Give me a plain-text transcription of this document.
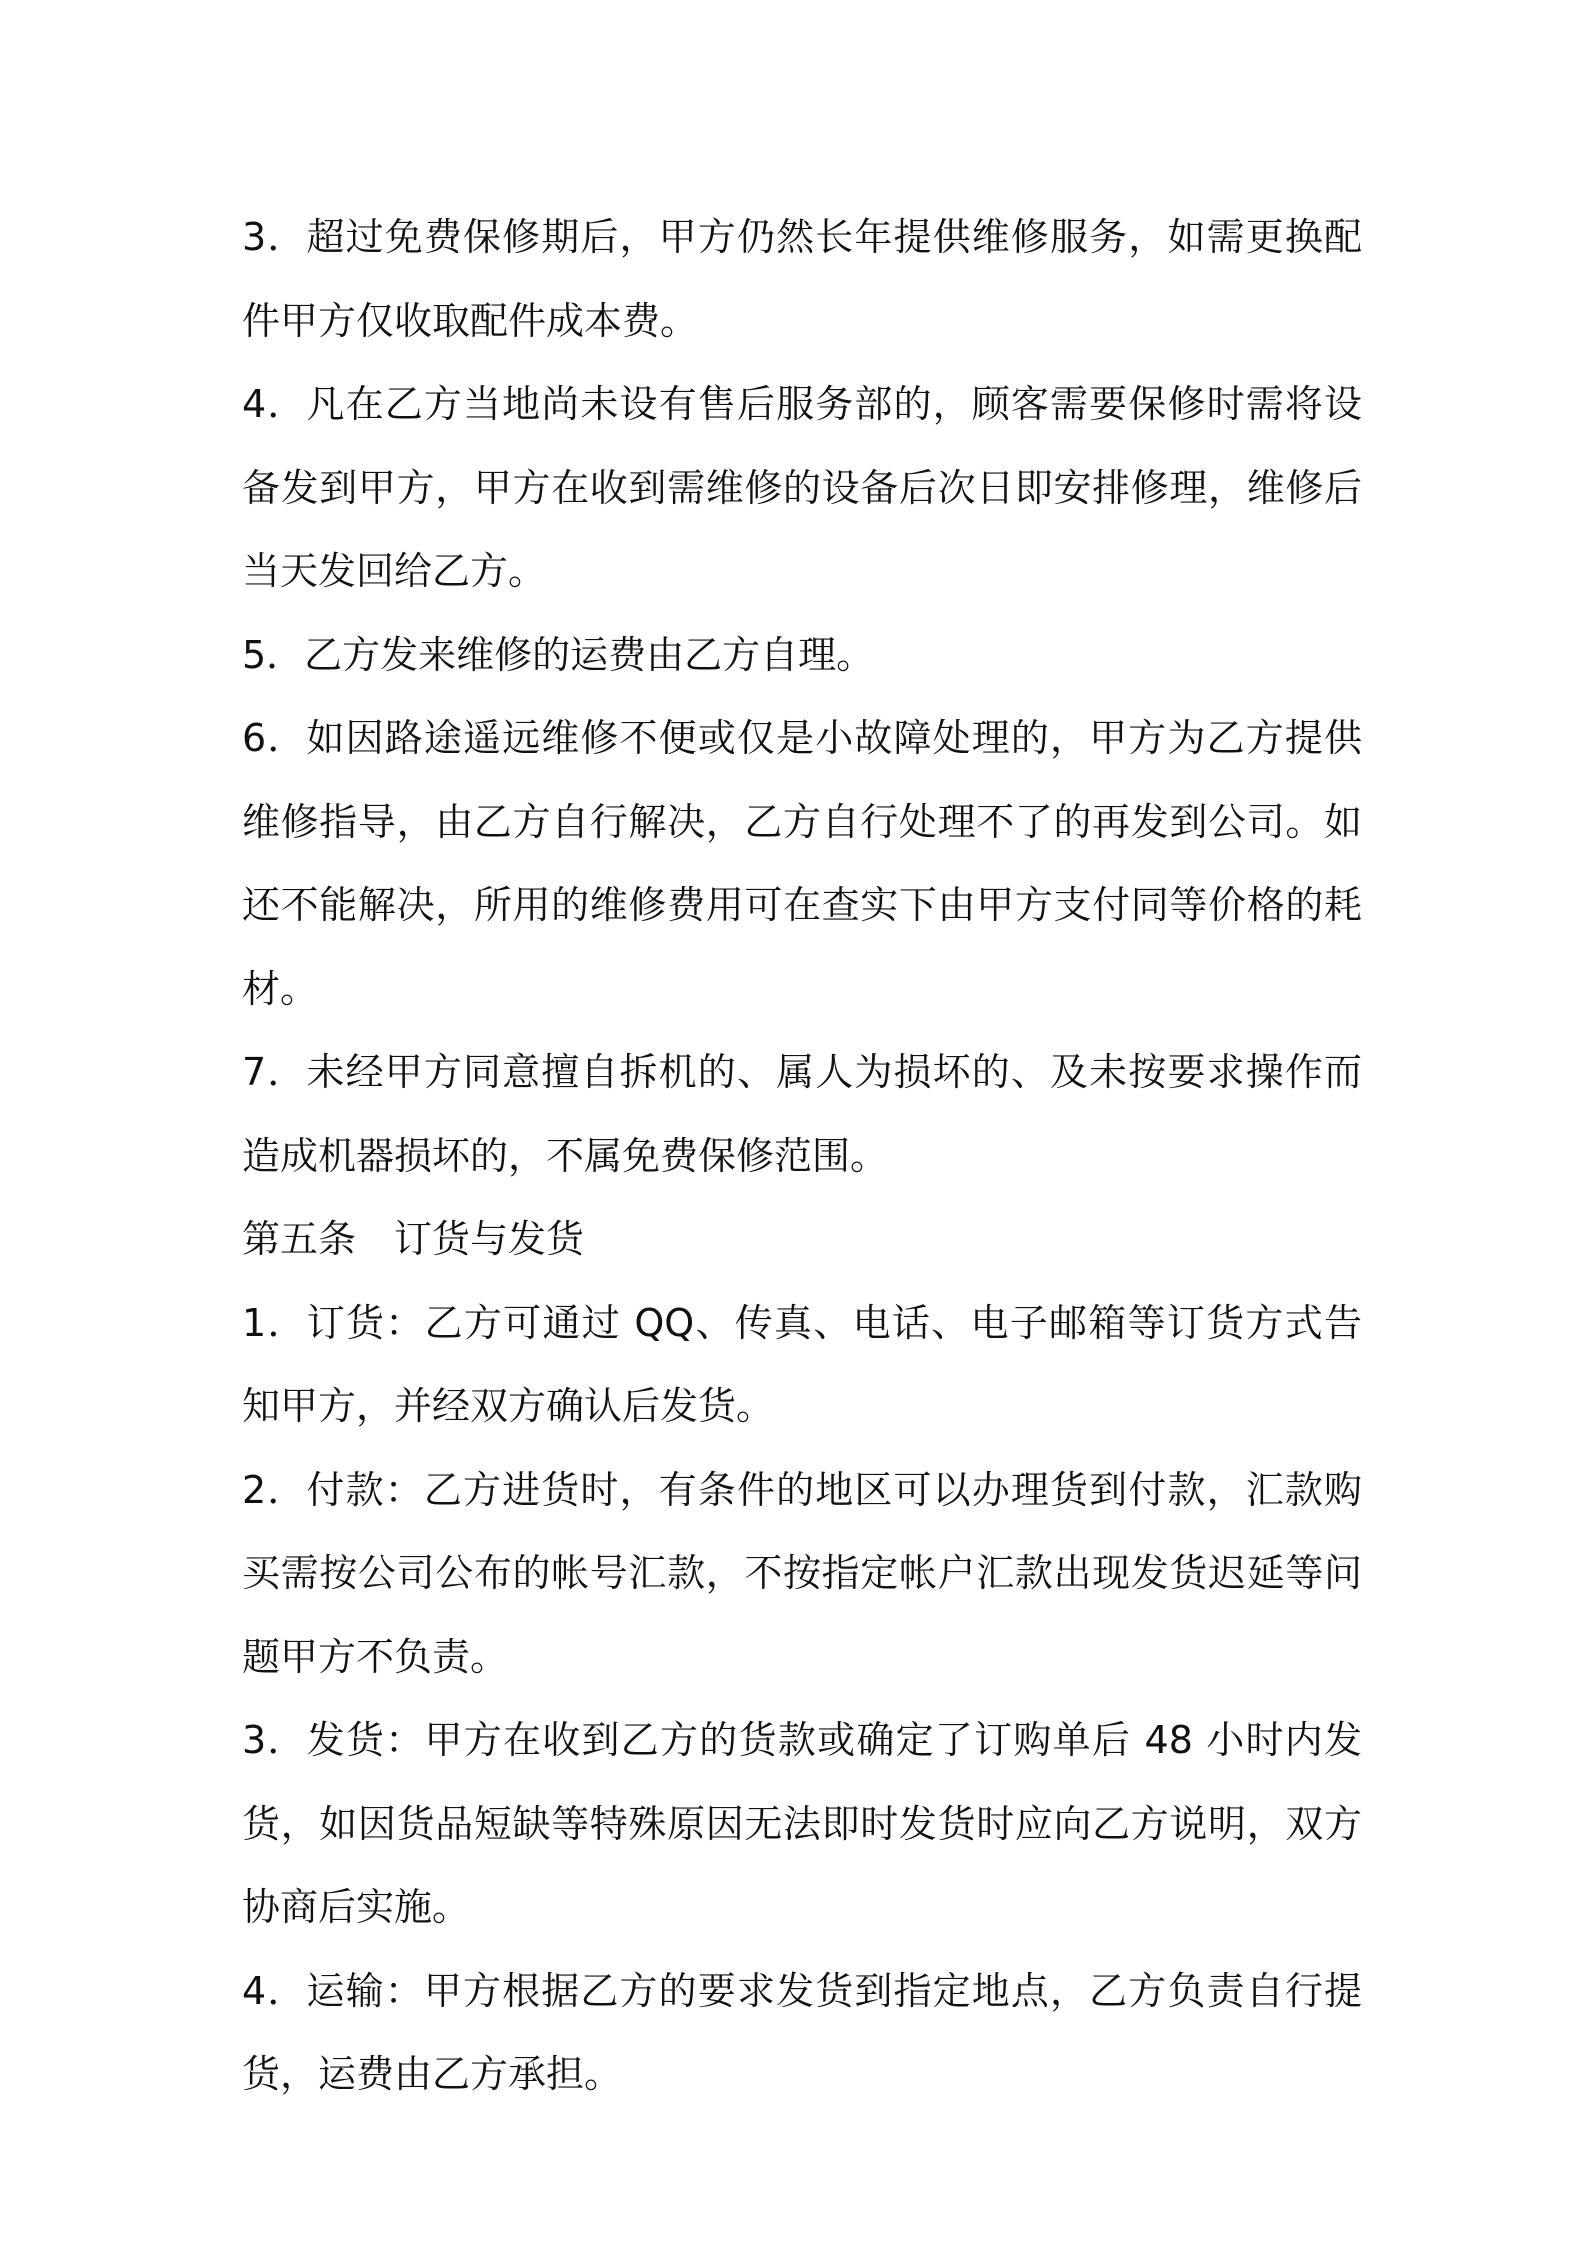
3．超过免费保修期后，甲方仍然长年提供维修服务，如需更换配件甲方仅收取配件成本费。

4．凡在乙方当地尚未设有售后服务部的，顾客需要保修时需将设备发到甲方，甲方在收到需维修的设备后次日即安排修理，维修后当天发回给乙方。

5．乙方发来维修的运费由乙方自理。

6．如因路途遥远维修不便或仅是小故障处理的，甲方为乙方提供维修指导，由乙方自行解决，乙方自行处理不了的再发到公司。如还不能解决，所用的维修费用可在查实下由甲方支付同等价格的耗材。

7．未经甲方同意擅自拆机的、属人为损坏的、及未按要求操作而造成机器损坏的，不属免费保修范围。

第五条　订货与发货

1．订货：乙方可通过 QQ、传真、电话、电子邮箱等订货方式告知甲方，并经双方确认后发货。

2．付款：乙方进货时，有条件的地区可以办理货到付款，汇款购买需按公司公布的帐号汇款，不按指定帐户汇款出现发货迟延等问题甲方不负责。

3．发货：甲方在收到乙方的货款或确定了订购单后 48 小时内发货，如因货品短缺等特殊原因无法即时发货时应向乙方说明，双方协商后实施。

4．运输：甲方根据乙方的要求发货到指定地点，乙方负责自行提货，运费由乙方承担。
